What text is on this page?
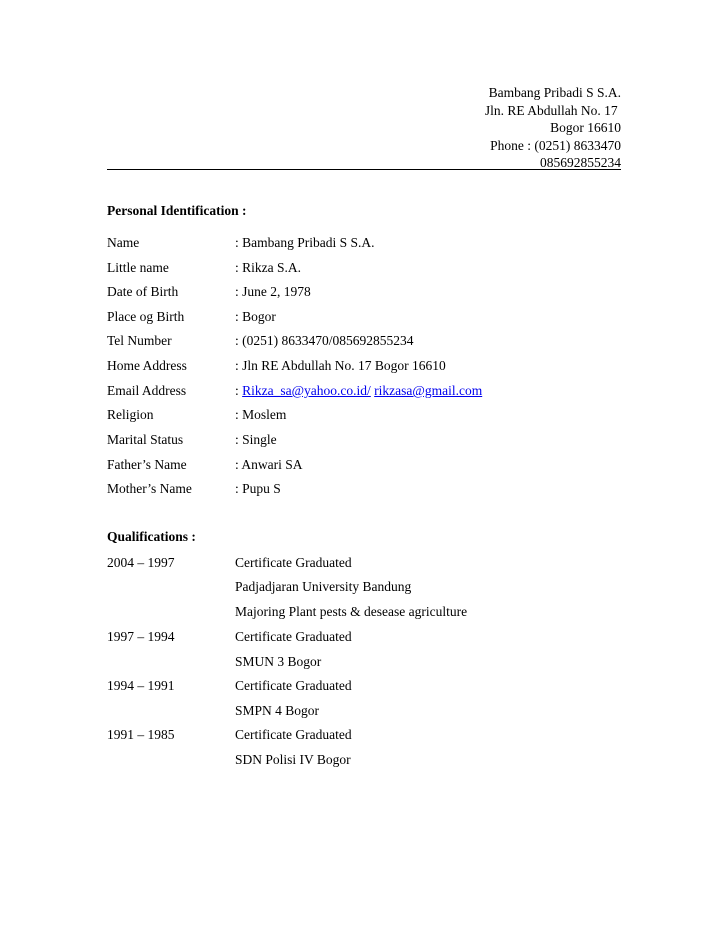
Bambang Pribadi S S.A.
Jln. RE Abdullah No. 17
Bogor 16610
Phone : (0251) 8633470
085692855234
Personal Identification :
Name	: Bambang Pribadi S S.A.
Little name	: Rikza S.A.
Date of Birth	: June 2, 1978
Place og Birth	: Bogor
Tel Number	: (0251) 8633470/085692855234
Home Address	: Jln RE Abdullah No. 17 Bogor 16610
Email Address	: Rikza_sa@yahoo.co.id/ rikzasa@gmail.com
Religion	: Moslem
Marital Status	: Single
Father’s Name	: Anwari SA
Mother’s Name	: Pupu S
Qualifications :
2004 – 1997	Certificate Graduated
Padjadjaran University Bandung
Majoring Plant pests & desease agriculture
1997 – 1994	Certificate Graduated
SMUN 3 Bogor
1994 – 1991	Certificate Graduated
SMPN 4 Bogor
1991 – 1985	Certificate Graduated
SDN Polisi IV Bogor
